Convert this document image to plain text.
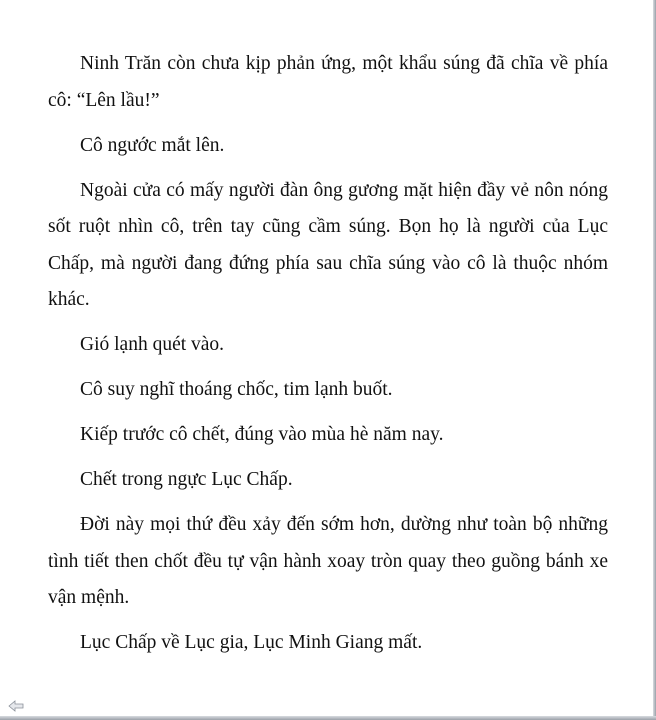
Ninh Trăn còn chưa kịp phản ứng, một khẩu súng đã chĩa về phía cô: “Lên lầu!”

Cô ngước mắt lên.

Ngoài cửa có mấy người đàn ông gương mặt hiện đầy vẻ nôn nóng sốt ruột nhìn cô, trên tay cũng cầm súng. Bọn họ là người của Lục Chấp, mà người đang đứng phía sau chĩa súng vào cô là thuộc nhóm khác.

Gió lạnh quét vào.

Cô suy nghĩ thoáng chốc, tim lạnh buốt.

Kiếp trước cô chết, đúng vào mùa hè năm nay.

Chết trong ngực Lục Chấp.

Đời này mọi thứ đều xảy đến sớm hơn, dường như toàn bộ những tình tiết then chốt đều tự vận hành xoay tròn quay theo guồng bánh xe vận mệnh.

Lục Chấp về Lục gia, Lục Minh Giang mất.
